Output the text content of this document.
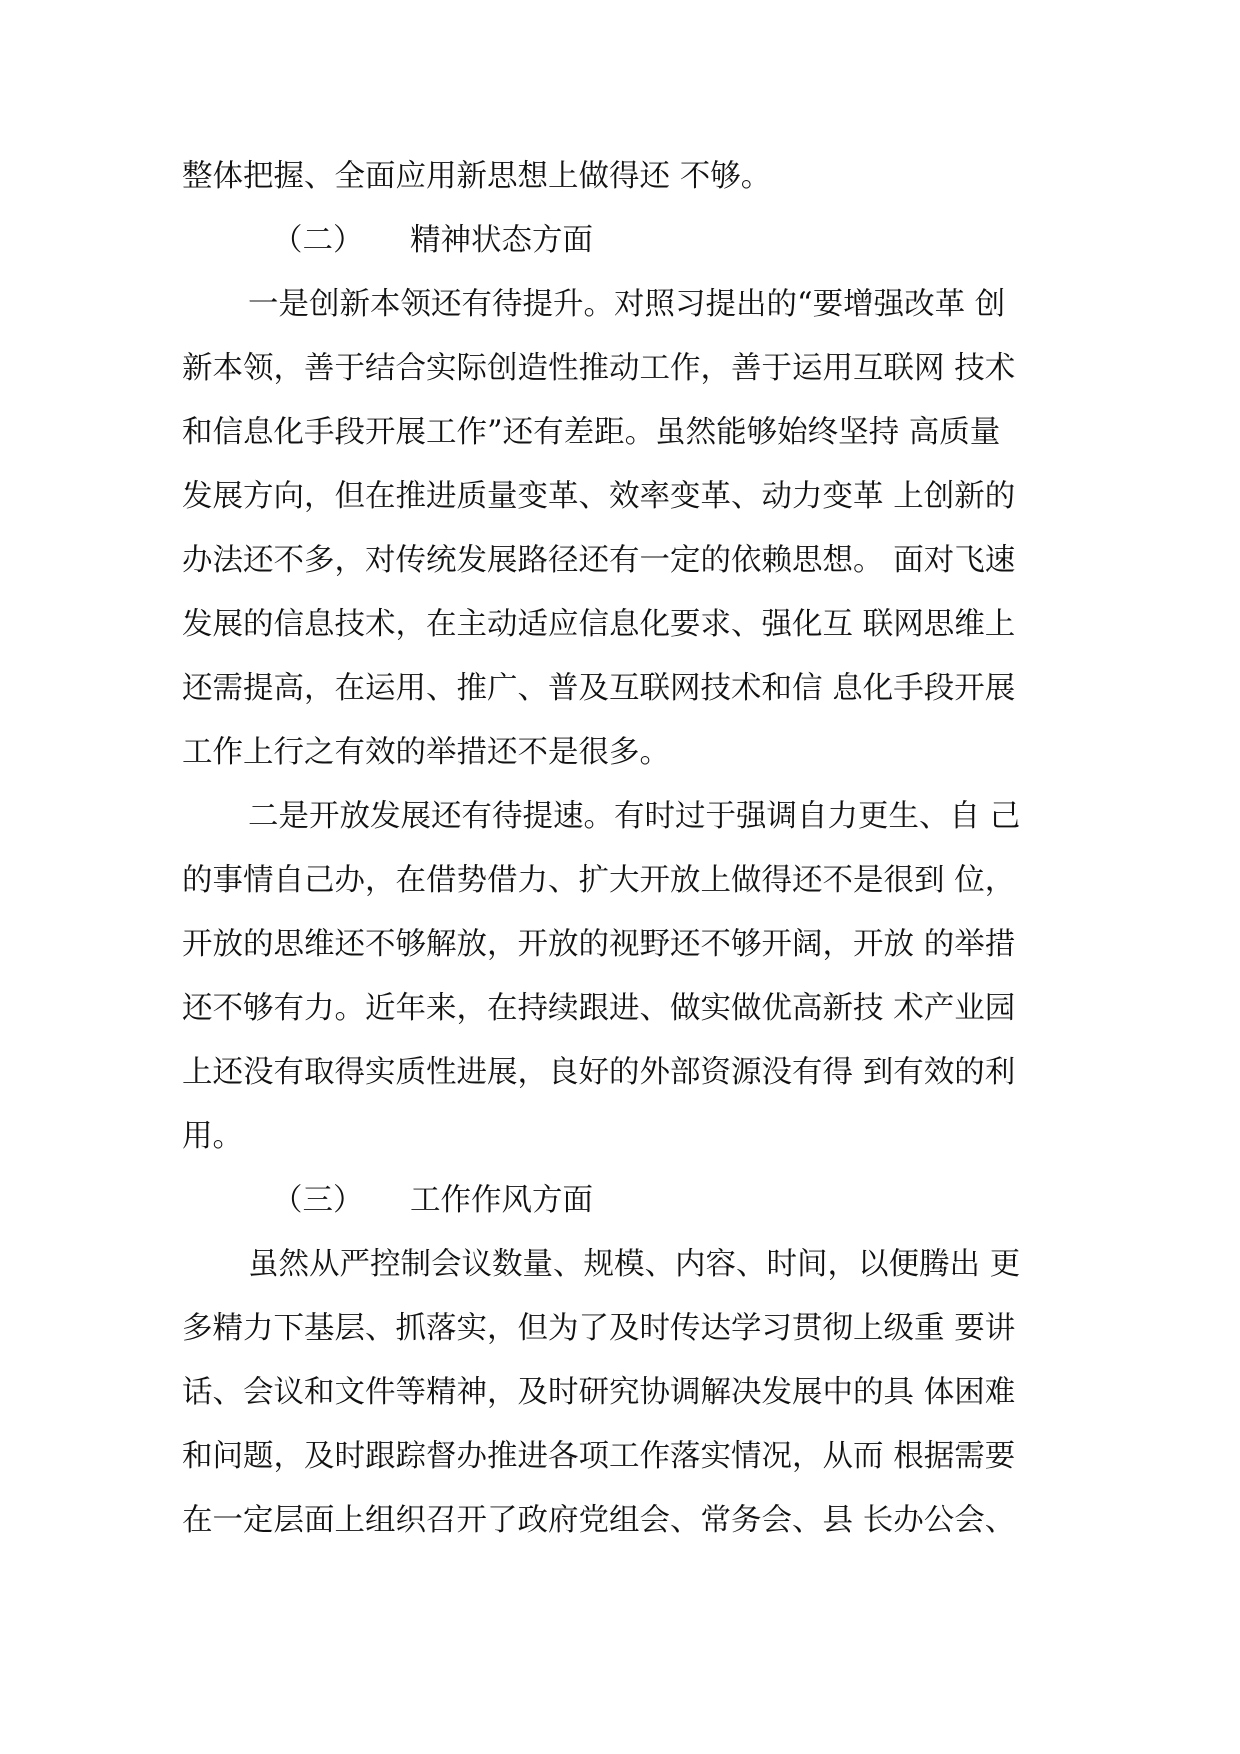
整体把握、全面应用新思想上做得还 不够。
（二） 精神状态方面
一是创新本领还有待提升。对照习提出的“要增强改革 创
新本领，善于结合实际创造性推动工作，善于运用互联网 技术
和信息化手段开展工作”还有差距。虽然能够始终坚持 高质量
发展方向，但在推进质量变革、效率变革、动力变革 上创新的
办法还不多，对传统发展路径还有一定的依赖思想。 面对飞速
发展的信息技术，在主动适应信息化要求、强化互 联网思维上
还需提高，在运用、推广、普及互联网技术和信 息化手段开展
工作上行之有效的举措还不是很多。
二是开放发展还有待提速。有时过于强调自力更生、自 己
的事情自己办，在借势借力、扩大开放上做得还不是很到 位，
开放的思维还不够解放，开放的视野还不够开阔，开放 的举措
还不够有力。近年来，在持续跟进、做实做优高新技 术产业园
上还没有取得实质性进展，良好的外部资源没有得 到有效的利
用。
（三） 工作作风方面
虽然从严控制会议数量、规模、内容、时间，以便腾出 更
多精力下基层、抓落实，但为了及时传达学习贯彻上级重 要讲
话、会议和文件等精神，及时研究协调解决发展中的具 体困难
和问题，及时跟踪督办推进各项工作落实情况，从而 根据需要
在一定层面上组织召开了政府党组会、常务会、县 长办公会、
